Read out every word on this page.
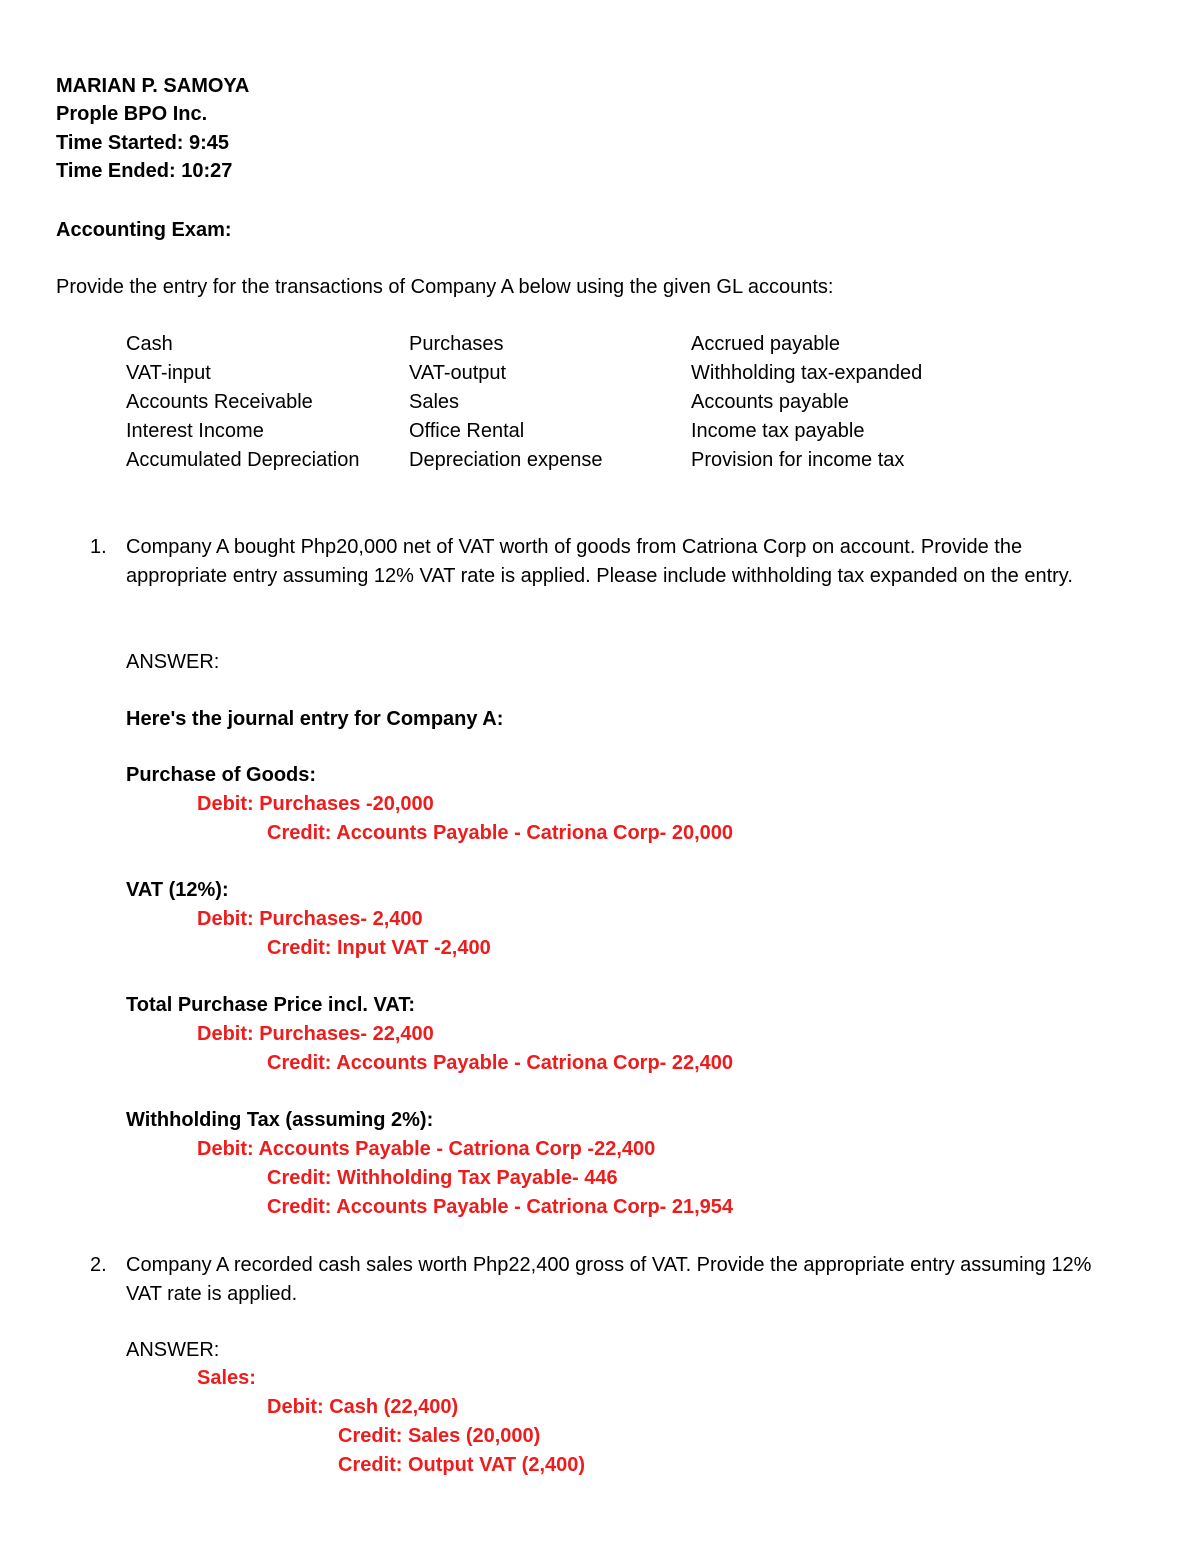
MARIAN P. SAMOYA
Prople BPO Inc.
Time Started: 9:45
Time Ended: 10:27
Accounting Exam:
Provide the entry for the transactions of Company A below using the given GL accounts:
Cash
VAT-input
Accounts Receivable
Interest Income
Accumulated Depreciation
Purchases
VAT-output
Sales
Office Rental
Depreciation expense
Accrued payable
Withholding tax-expanded
Accounts payable
Income tax payable
Provision for income tax
1. Company A bought Php20,000 net of VAT worth of goods from Catriona Corp on account. Provide the appropriate entry assuming 12% VAT rate is applied. Please include withholding tax expanded on the entry.
ANSWER:
Here's the journal entry for Company A:
Purchase of Goods:
Debit: Purchases -20,000
Credit: Accounts Payable - Catriona Corp- 20,000
VAT (12%):
Debit: Purchases- 2,400
Credit: Input VAT -2,400
Total Purchase Price incl. VAT:
Debit: Purchases- 22,400
Credit: Accounts Payable - Catriona Corp- 22,400
Withholding Tax (assuming 2%):
Debit: Accounts Payable - Catriona Corp -22,400
Credit: Withholding Tax Payable- 446
Credit: Accounts Payable - Catriona Corp- 21,954
2. Company A recorded cash sales worth Php22,400 gross of VAT. Provide the appropriate entry assuming 12% VAT rate is applied.
ANSWER:
Sales:
Debit: Cash (22,400)
Credit: Sales (20,000)
Credit: Output VAT (2,400)
